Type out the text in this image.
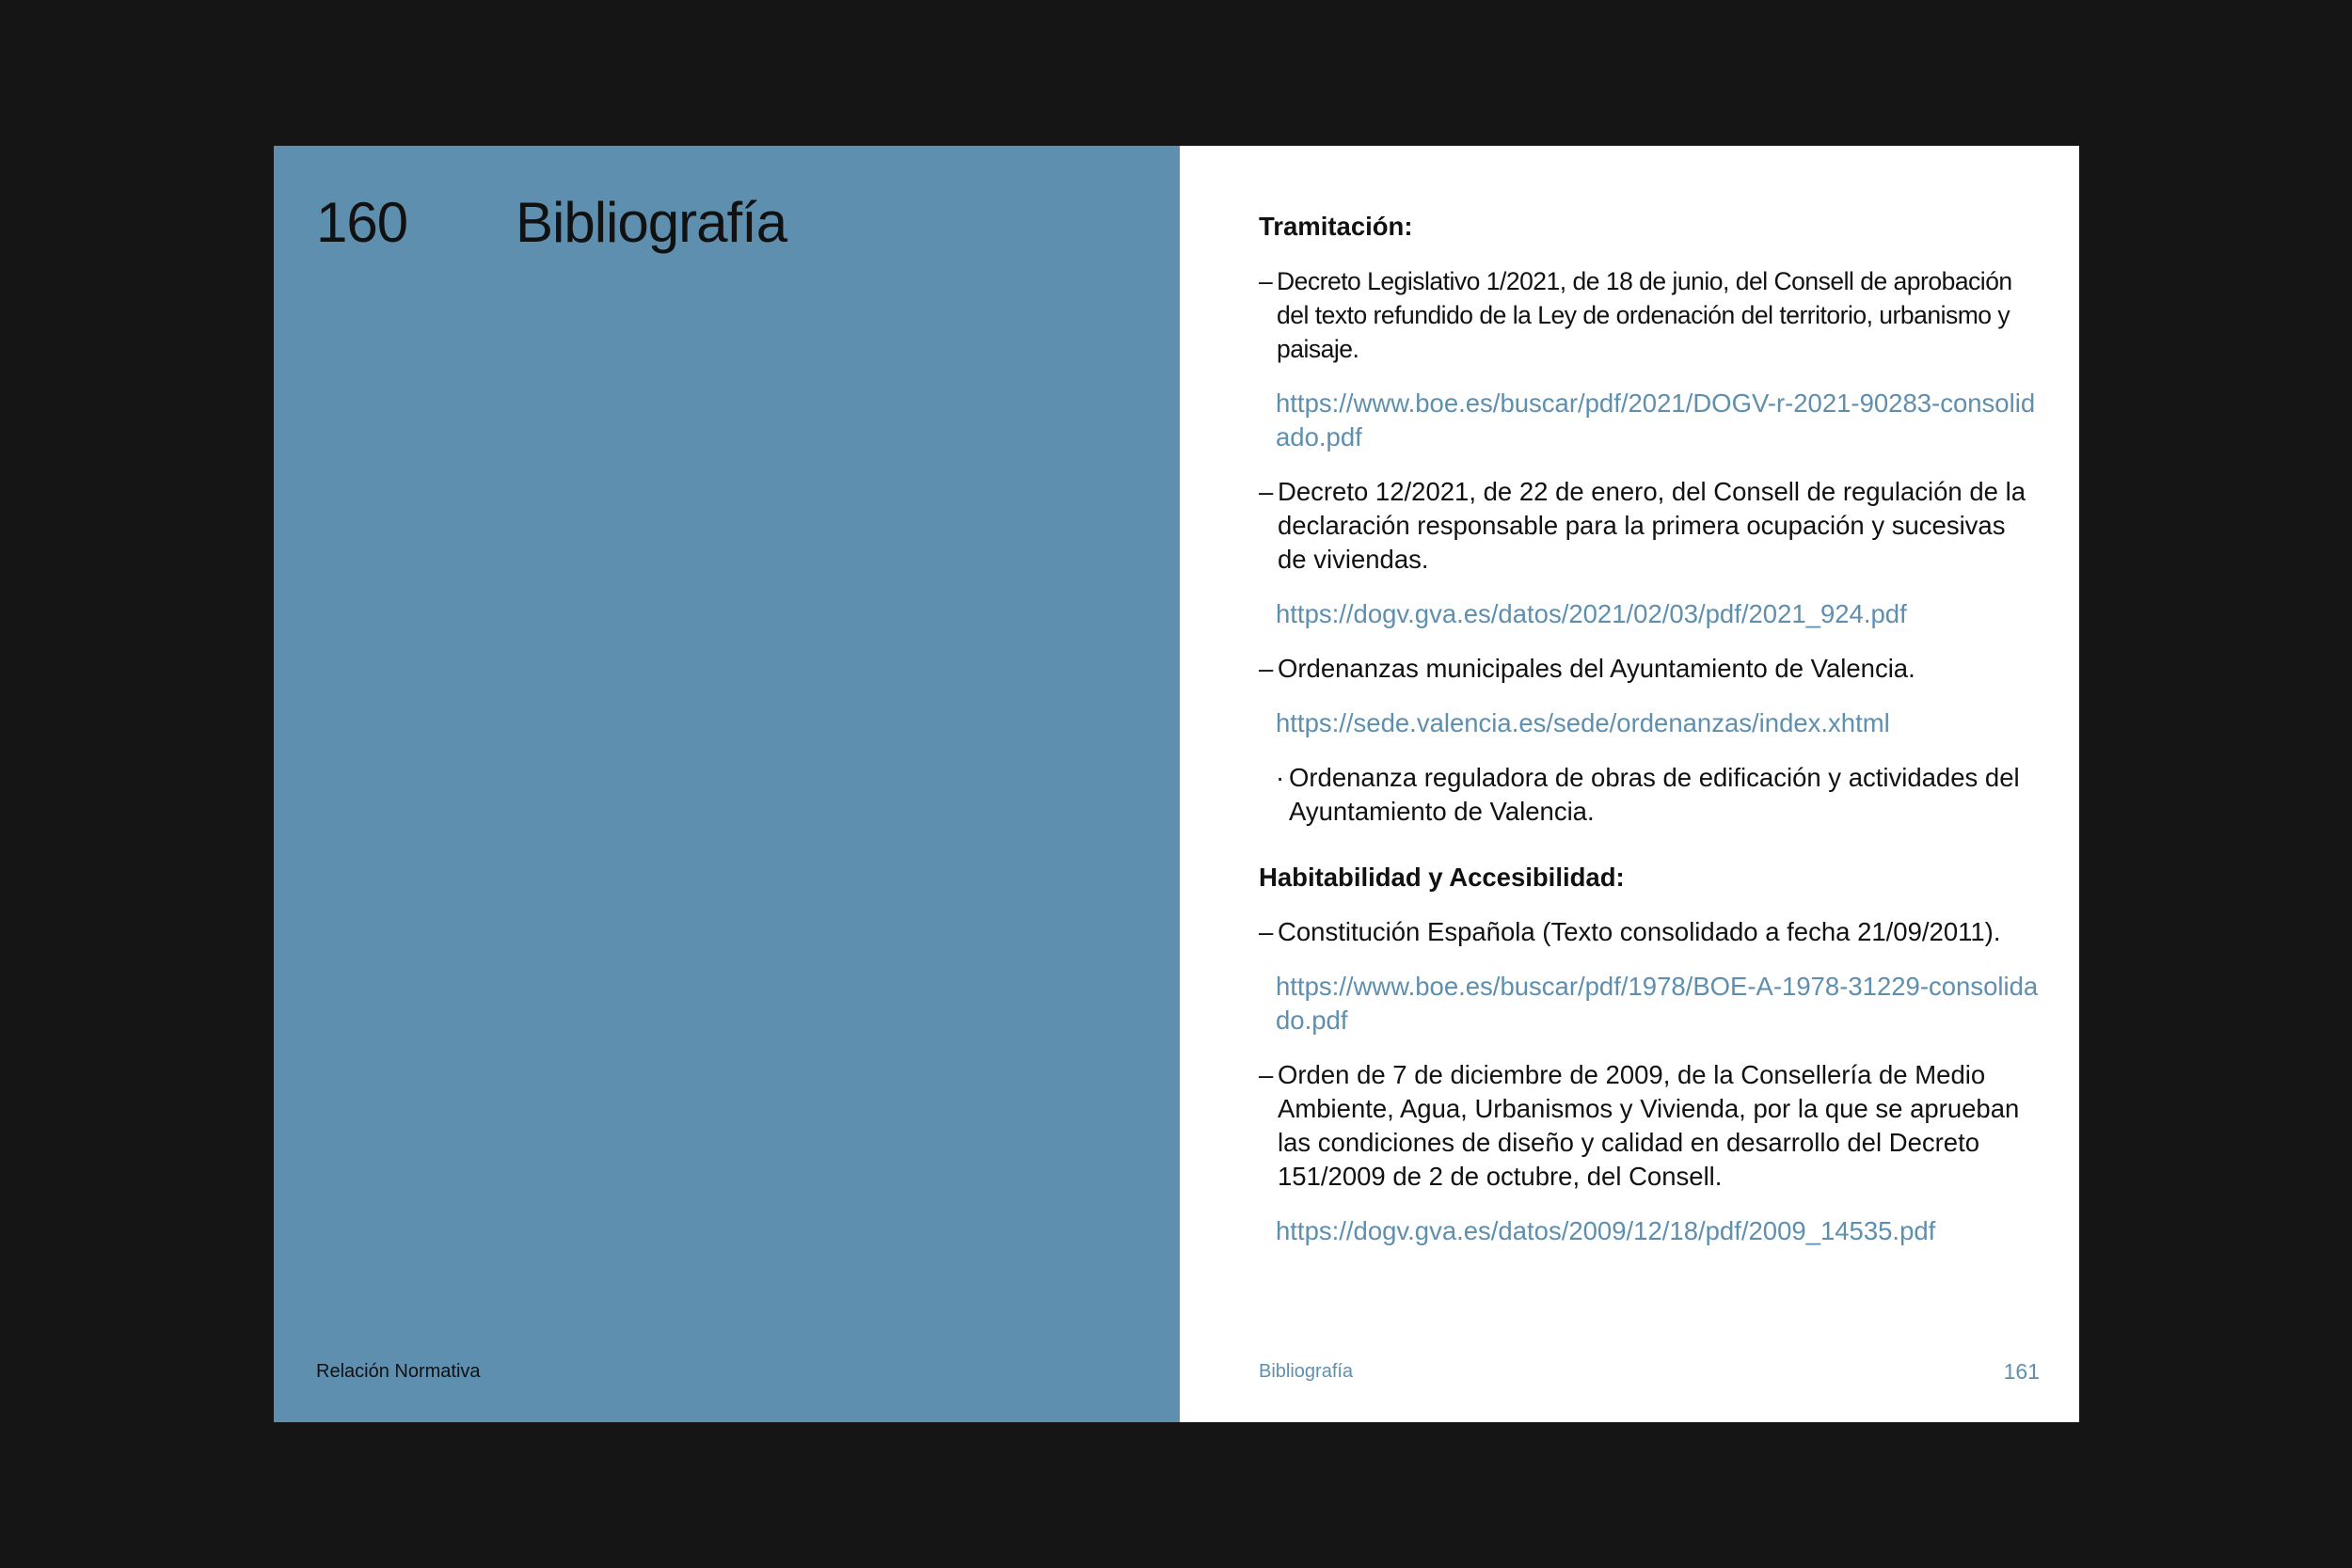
160 Bibliografía
Relación Normativa
Tramitación:
– Decreto Legislativo 1/2021, de 18 de junio, del Consell de aprobación del texto refundido de la Ley de ordenación del territorio, urbanismo y paisaje.
https://www.boe.es/buscar/pdf/2021/DOGV-r-2021-90283-consolidado.pdf
– Decreto 12/2021, de 22 de enero, del Consell de regulación de la declaración responsable para la primera ocupación y sucesivas de viviendas.
https://dogv.gva.es/datos/2021/02/03/pdf/2021_924.pdf
– Ordenanzas municipales del Ayuntamiento de Valencia.
https://sede.valencia.es/sede/ordenanzas/index.xhtml
· Ordenanza reguladora de obras de edificación y actividades del Ayuntamiento de Valencia.
Habitabilidad y Accesibilidad:
– Constitución Española (Texto consolidado a fecha 21/09/2011).
https://www.boe.es/buscar/pdf/1978/BOE-A-1978-31229-consolidado.pdf
– Orden de 7 de diciembre de 2009, de la Consellería de Medio Ambiente, Agua, Urbanismos y Vivienda, por la que se aprueban las condiciones de diseño y calidad en desarrollo del Decreto 151/2009 de 2 de octubre, del Consell.
https://dogv.gva.es/datos/2009/12/18/pdf/2009_14535.pdf
Bibliografía	161
